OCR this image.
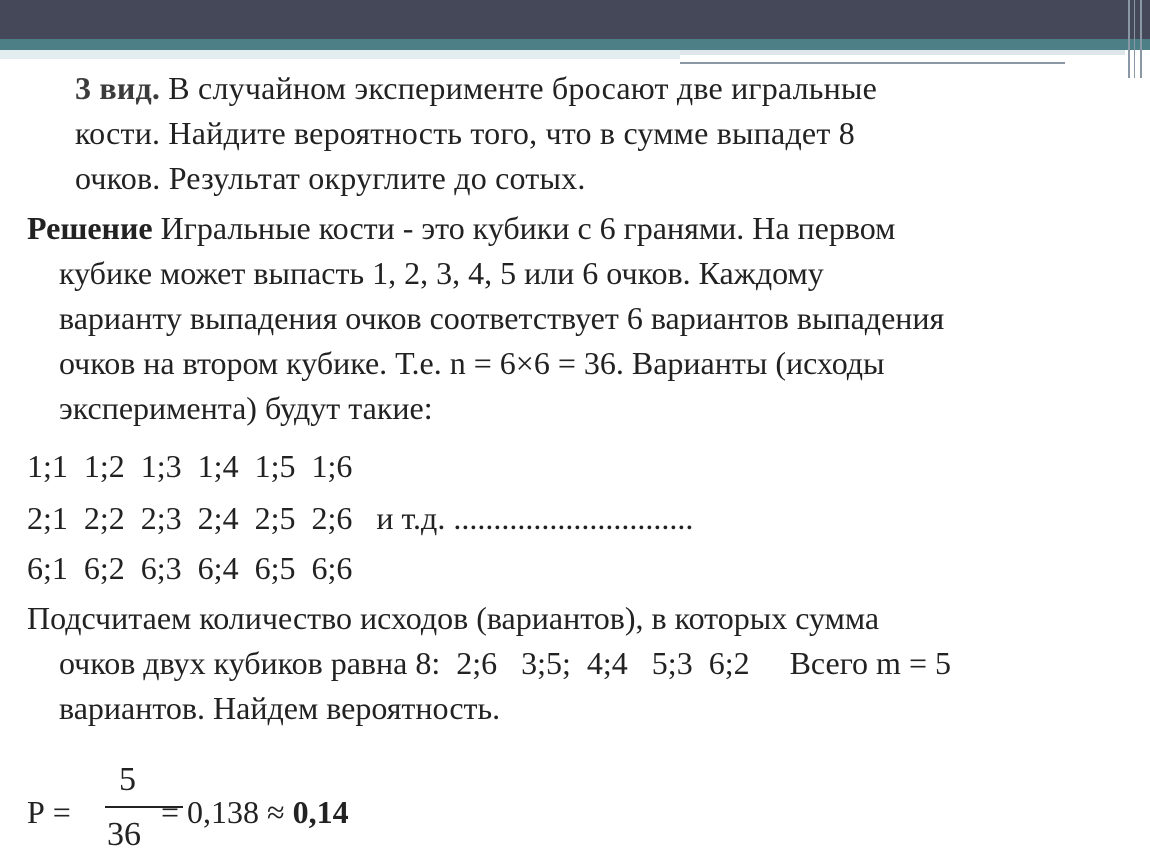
3 вид. В случайном эксперименте бросают две игральные
кости. Найдите вероятность того, что в сумме выпадет 8
очков. Результат округлите до сотых.
Решение Игральные кости - это кубики с 6 гранями. На первом
кубике может выпасть 1, 2, 3, 4, 5 или 6 очков. Каждому
варианту выпадения очков соответствует 6 вариантов выпадения
очков на втором кубике. Т.е. n = 6×6 = 36. Варианты (исходы
эксперимента) будут такие:
1;1  1;2  1;3  1;4  1;5  1;6
2;1  2;2  2;3  2;4  2;5  2;6   и т.д. ..............................
6;1  6;2  6;3  6;4  6;5  6;6
Подсчитаем количество исходов (вариантов), в которых сумма
очков двух кубиков равна 8:  2;6   3;5;  4;4   5;3  6;2     Всего m = 5
вариантов. Найдем вероятность.
Р =
5
36
= 0,138 ≈ 0,14
